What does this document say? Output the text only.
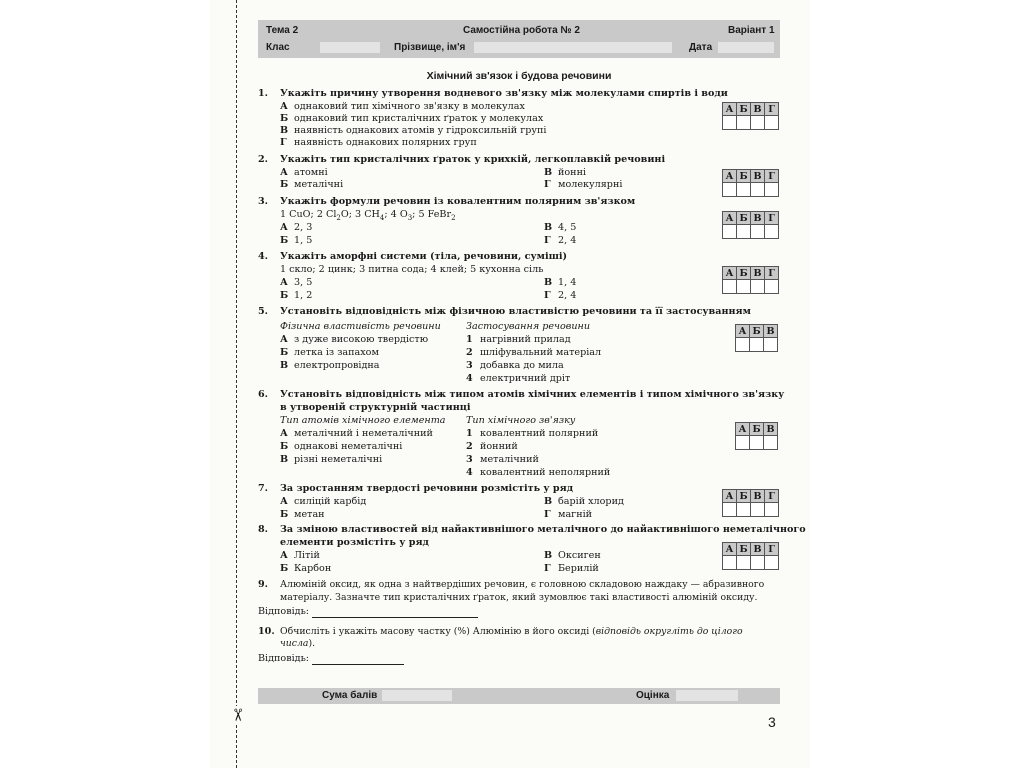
✂
Тема 2	Самостійна робота № 2	Варіант 1
Клас	Прізвище, ім'я	Дата
Хімічний зв'язок і будова речовини
1. Укажіть причину утворення водневого зв'язку між молекулами спиртів і води
А однаковий тип хімічного зв'язку в молекулах
Б однаковий тип кристалічних ґраток у молекулах
В наявність однакових атомів у гідроксильній групі
Г наявність однакових полярних груп
А	Б	В	Г

2. Укажіть тип кристалічних ґраток у крихкій, легкоплавкій речовині
А атомні
Б металічні
В йонні
Г молекулярні
А	Б	В	Г

3. Укажіть формули речовин із ковалентним полярним зв'язком
1 CuO; 2 $Cl_2O$; 3 $CH_4$; 4 $O_3$; 5 FeBr$_2$
А 2, 3
Б 1, 5
В 4, 5
Г 2, 4
А	Б	В	Г

4. Укажіть аморфні системи (тіла, речовини, суміші)
1 скло; 2 цинк; 3 питна сода; 4 клей; 5 кухонна сіль
А 3, 5
Б 1, 2
В 1, 4
Г 2, 4
А	Б	В	Г

5. Установіть відповідність між фізичною властивістю речовини та її застосуванням
Фізична властивість речовини	Застосування речовини
А з дуже високою твердістю
Б летка із запахом
В електропровідна
1 нагрівний прилад
2 шліфувальний матеріал
3 добавка до мила
4 електричний дріт
А	Б	В

6. Установіть відповідність між типом атомів хімічних елементів і типом хімічного зв'язку
в утвореній структурній частинці
Тип атомів хімічного елемента Тип хімічного зв'язку
А металічний і неметалічний
Б однакові неметалічні
В різні неметалічні
1 ковалентний полярний
2 йонний
3 металічний
4 ковалентний неполярний
А	Б	В

7. За зростанням твердості речовини розмістіть у ряд
А силіцій карбід
Б метан
В барій хлорид
Г магній
А	Б	В	Г

8. За зміною властивостей від найактивнішого металічного до найактивнішого неметалічного
елементи розмістіть у ряд
А Літій
Б Карбон
В Оксиген
Г Берилій
А	Б	В	Г

9. Алюміній оксид, як одна з найтвердіших речовин, є головною складовою наждаку — абразивного
матеріалу. Зазначте тип кристалічних ґраток, який зумовлює такі властивості алюміній оксиду.
Відповідь:
10. Обчисліть і укажіть масову частку (%) Алюмінію в його оксиді (відповідь округліть до цілого
числа).
Відповідь:
Сума балів	Оцінка
3
